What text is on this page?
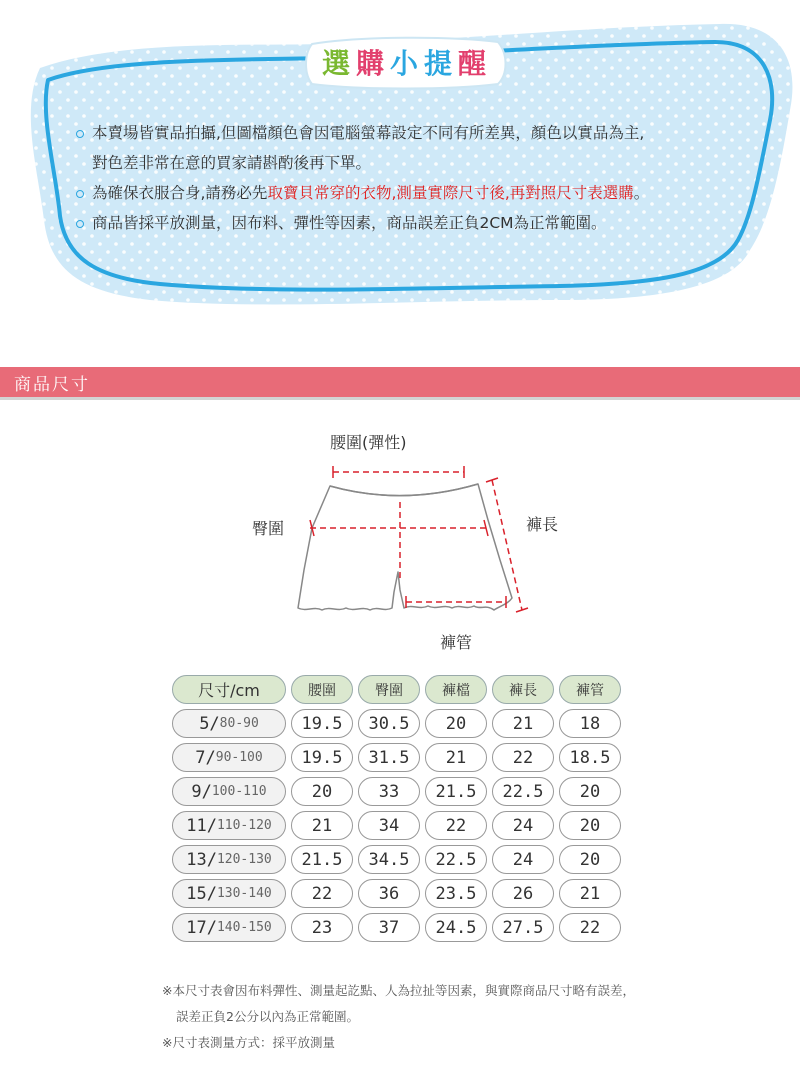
選 購 小 提 醒
本賣場皆實品拍攝,但圖檔顏色會因電腦螢幕設定不同有所差異，顏色以實品為主,
對色差非常在意的買家請斟酌後再下單。
為確保衣服合身,請務必先取寶貝常穿的衣物,測量實際尺寸後,再對照尺寸表選購。
商品皆採平放測量，因布料、彈性等因素，商品誤差正負2CM為正常範圍。
商品尺寸
腰圍(彈性)
臀圍	褲長
褲管
尺寸/cm	腰圍	臀圍	褲檔	褲長	褲管
5/ 80-90	19.5	30.5	20	21	18
7/ 90-100	19.5	31.5	21	22	18.5
9/ 100-110	20	33	21.5	22.5	20
11/ 110-120	21	34	22	24	20
13/ 120-130	21.5	34.5	22.5	24	20
15/ 130-140	22	36	23.5	26	21
17/ 140-150	23	37	24.5	27.5	22
※本尺寸表會因布料彈性、測量起訖點、人為拉扯等因素，與實際商品尺寸略有誤差，
誤差正負2公分以內為正常範圍。
※尺寸表測量方式：採平放測量
